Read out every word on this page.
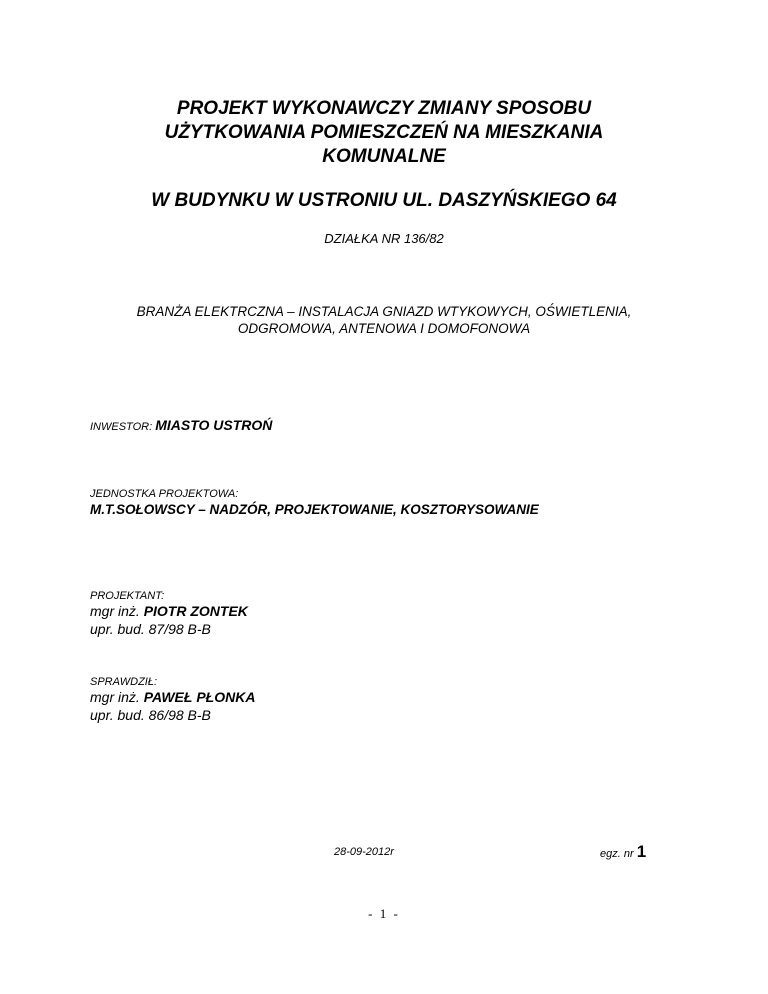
PROJEKT WYKONAWCZY ZMIANY SPOSOBU
UŻYTKOWANIA POMIESZCZEŃ NA MIESZKANIA
KOMUNALNE
W BUDYNKU W USTRONIU UL. DASZYŃSKIEGO 64
DZIAŁKA NR 136/82
BRANŻA ELEKTRCZNA – INSTALACJA GNIAZD WTYKOWYCH, OŚWIETLENIA,
ODGROMOWA, ANTENOWA I DOMOFONOWA
INWESTOR: MIASTO USTROŃ
JEDNOSTKA PROJEKTOWA:
M.T.SOŁOWSCY – NADZÓR, PROJEKTOWANIE, KOSZTORYSOWANIE
PROJEKTANT:
mgr inż. PIOTR ZONTEK
upr. bud. 87/98 B-B
SPRAWDZIŁ:
mgr inż. PAWEŁ PŁONKA
upr. bud. 86/98 B-B
28-09-2012r	egz. nr 1
- 1 -
